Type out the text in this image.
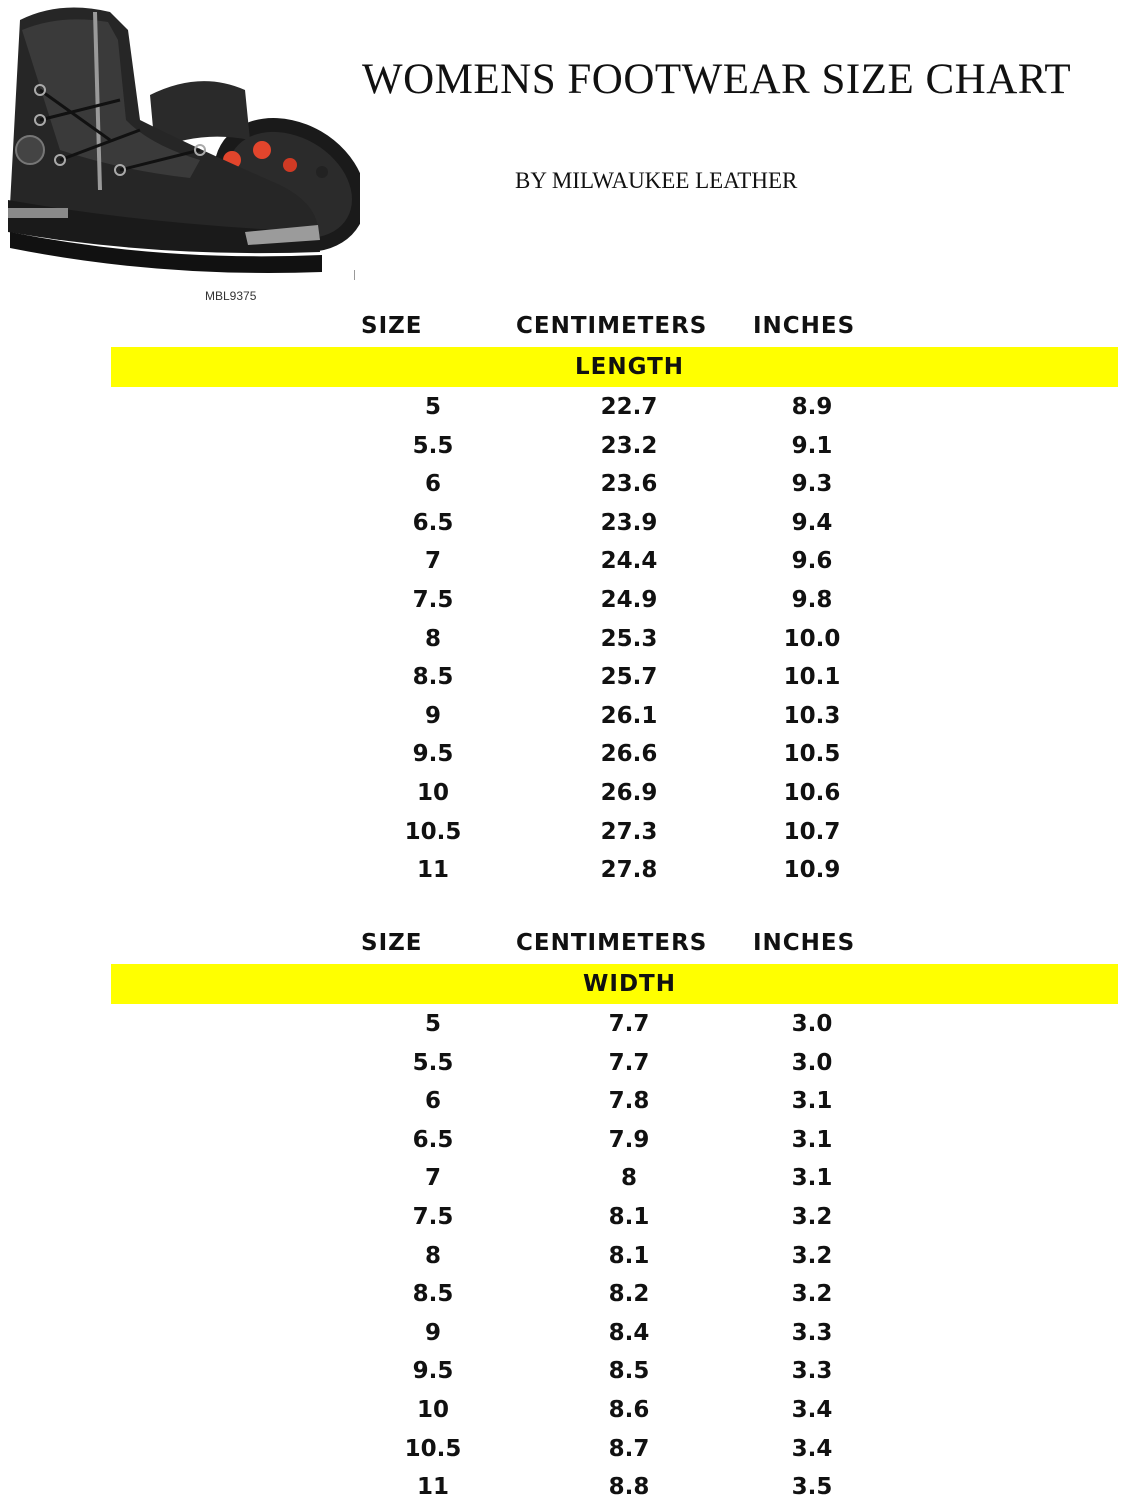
MBL9375
WOMENS FOOTWEAR SIZE CHART
BY MILWAUKEE LEATHER
SIZE	CENTIMETERS INCHES
LENGTH
5	22.7	8.9
5.5	23.2	9.1
6	23.6	9.3
6.5	23.9	9.4
7	24.4	9.6
7.5	24.9	9.8
8	25.3	10.0
8.5	25.7	10.1
9	26.1	10.3
9.5	26.6	10.5
10	26.9	10.6
10.5	27.3	10.7
11	27.8	10.9
SIZE	CENTIMETERS INCHES
WIDTH
5	7.7	3.0
5.5	7.7	3.0
6	7.8	3.1
6.5	7.9	3.1
7	8	3.1
7.5	8.1	3.2
8	8.1	3.2
8.5	8.2	3.2
9	8.4	3.3
9.5	8.5	3.3
10	8.6	3.4
10.5	8.7	3.4
11	8.8	3.5
